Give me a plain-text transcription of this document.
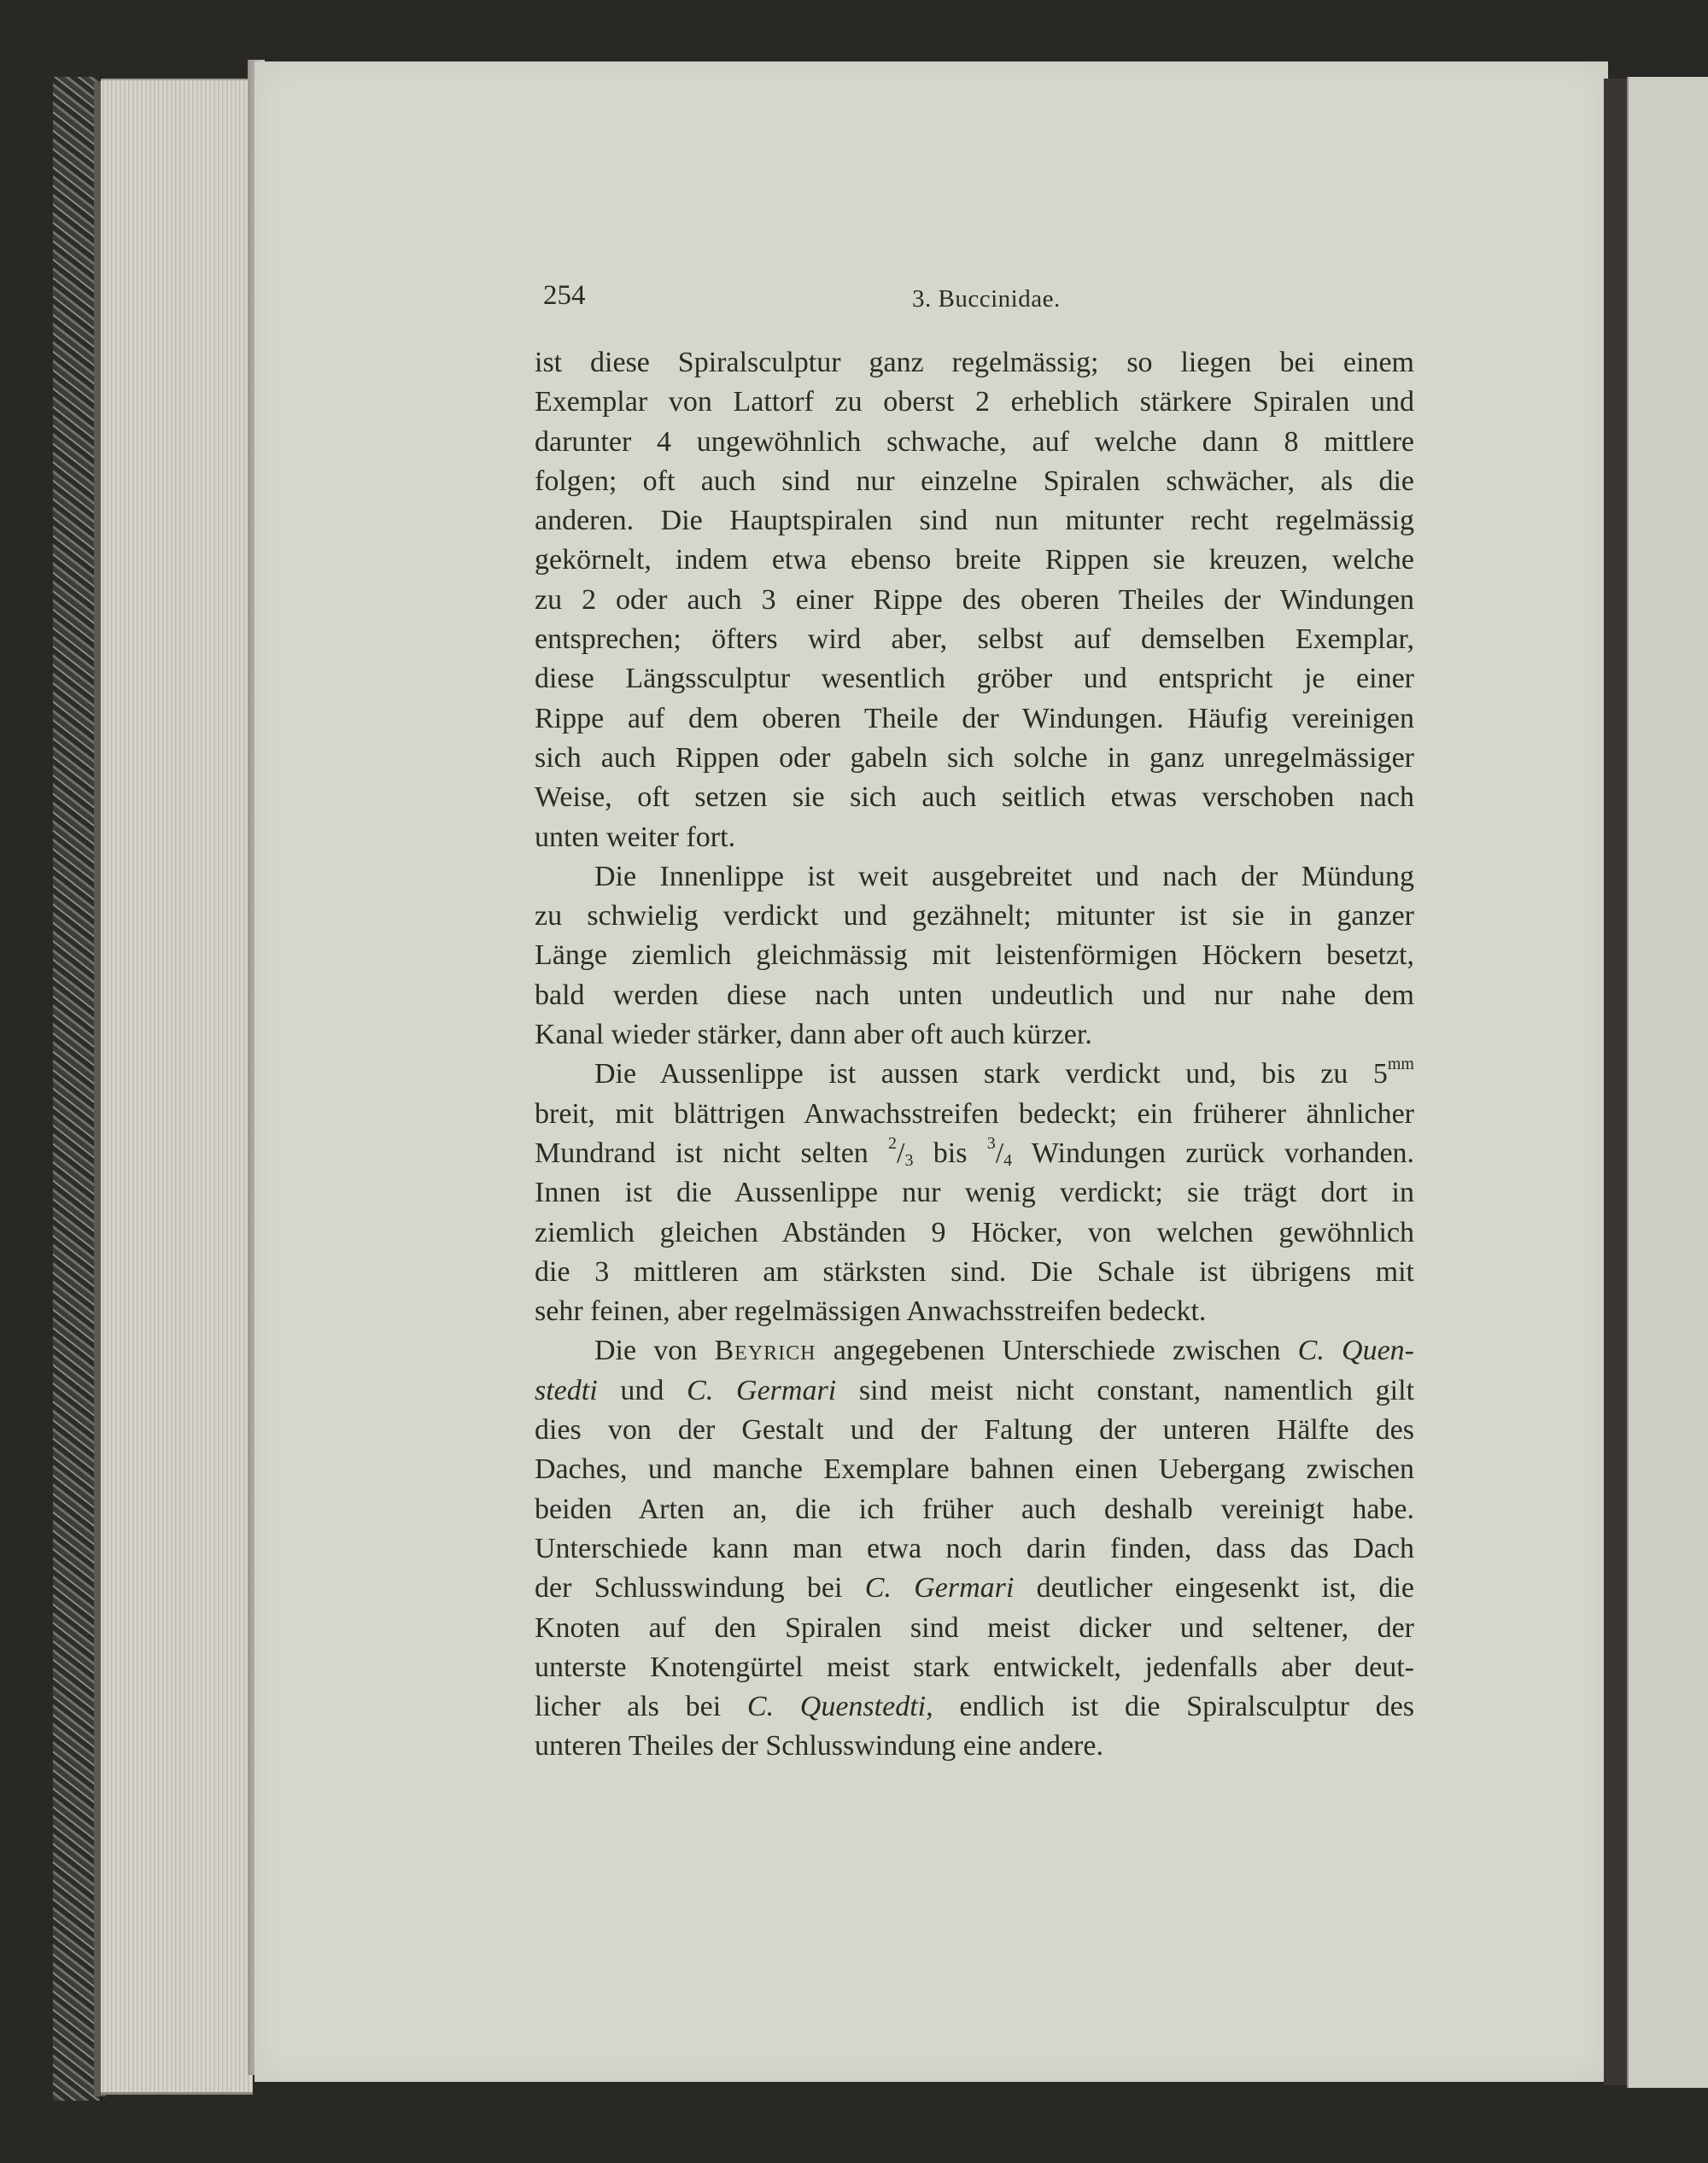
254	3. Buccinidae.
ist diese Spiralsculptur ganz regelmässig; so liegen bei einem
Exemplar von Lattorf zu oberst 2 erheblich stärkere Spiralen und
darunter 4 ungewöhnlich schwache, auf welche dann 8 mittlere
folgen; oft auch sind nur einzelne Spiralen schwächer, als die
anderen. Die Hauptspiralen sind nun mitunter recht regelmässig
gekörnelt, indem etwa ebenso breite Rippen sie kreuzen, welche
zu 2 oder auch 3 einer Rippe des oberen Theiles der Windungen
entsprechen; öfters wird aber, selbst auf demselben Exemplar,
diese Längssculptur wesentlich gröber und entspricht je einer
Rippe auf dem oberen Theile der Windungen. Häufig vereinigen
sich auch Rippen oder gabeln sich solche in ganz unregelmässiger
Weise, oft setzen sie sich auch seitlich etwas verschoben nach
unten weiter fort.
Die Innenlippe ist weit ausgebreitet und nach der Mündung
zu schwielig verdickt und gezähnelt; mitunter ist sie in ganzer
Länge ziemlich gleichmässig mit leistenförmigen Höckern besetzt,
bald werden diese nach unten undeutlich und nur nahe dem
Kanal wieder stärker, dann aber oft auch kürzer.
Die Aussenlippe ist aussen stark verdickt und, bis zu $5^{mm}$
breit, mit blättrigen Anwachsstreifen bedeckt; ein früherer ähnlicher
Mundrand ist nicht selten $^2/_3$ bis $^3/_4$ Windungen zurück vorhanden.
Innen ist die Aussenlippe nur wenig verdickt; sie trägt dort in
ziemlich gleichen Abständen 9 Höcker, von welchen gewöhnlich
die 3 mittleren am stärksten sind. Die Schale ist übrigens mit
sehr feinen, aber regelmässigen Anwachsstreifen bedeckt.
Die von Beyrich angegebenen Unterschiede zwischen C. Quen-
stedti und C. Germari sind meist nicht constant, namentlich gilt
dies von der Gestalt und der Faltung der unteren Hälfte des
Daches, und manche Exemplare bahnen einen Uebergang zwischen
beiden Arten an, die ich früher auch deshalb vereinigt habe.
Unterschiede kann man etwa noch darin finden, dass das Dach
der Schlusswindung bei C. Germari deutlicher eingesenkt ist, die
Knoten auf den Spiralen sind meist dicker und seltener, der
unterste Knotengürtel meist stark entwickelt, jedenfalls aber deut-
licher als bei C. Quenstedti, endlich ist die Spiralsculptur des
unteren Theiles der Schlusswindung eine andere.
